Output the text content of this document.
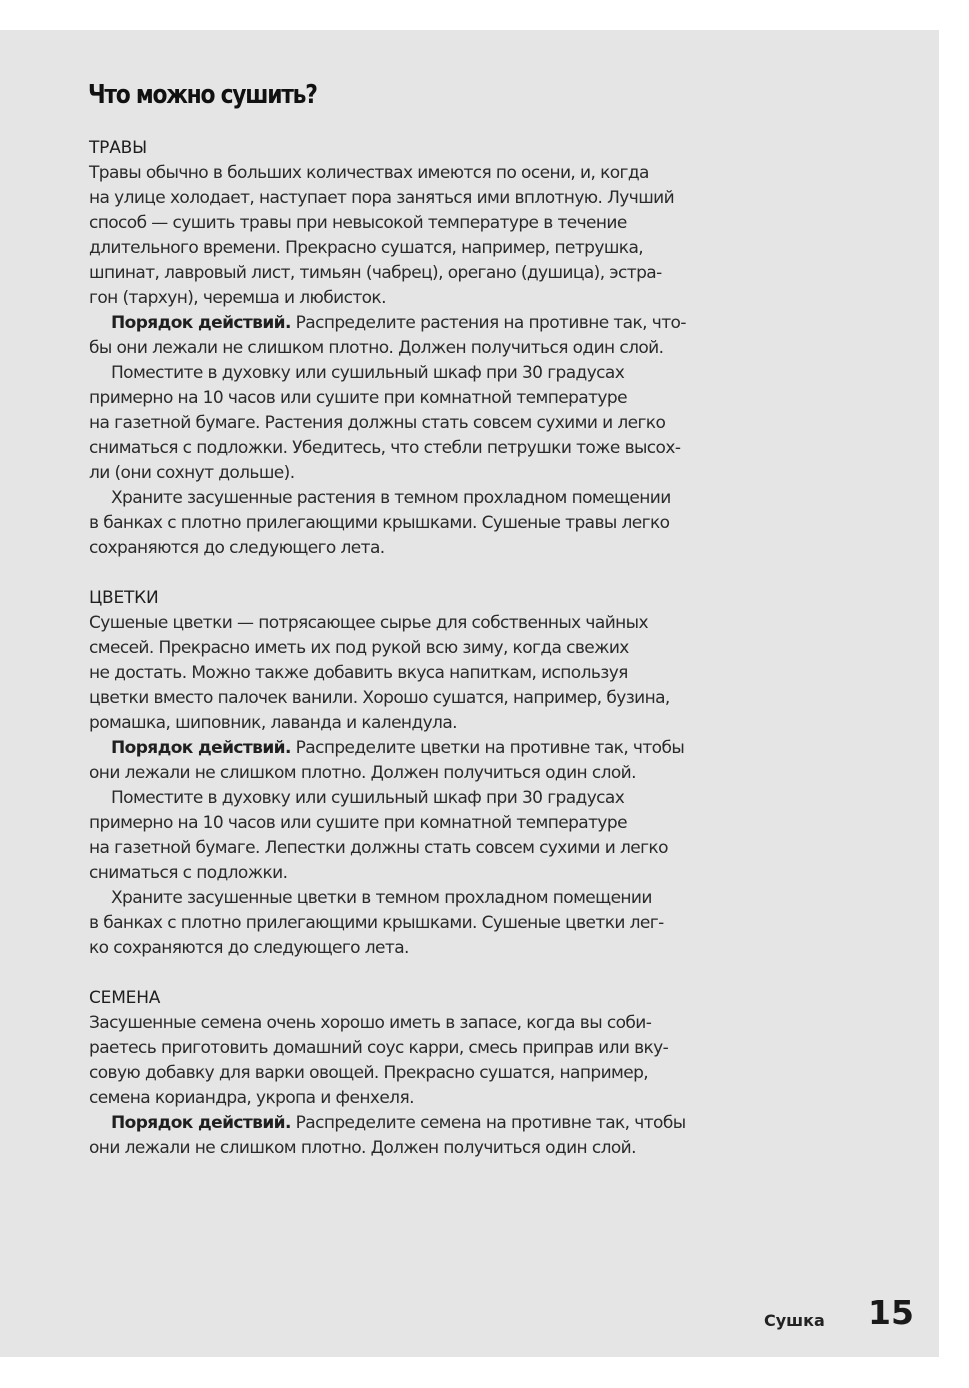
Что можно сушить?
ТРАВЫ
Травы обычно в больших количествах имеются по осени, и, когда
на улице холодает, наступает пора заняться ими вплотную. Лучший
способ — сушить травы при невысокой температуре в течение
длительного времени. Прекрасно сушатся, например, петрушка,
шпинат, лавровый лист, тимьян (чабрец), орегано (душица), эстра-
гон (тархун), черемша и любисток.
Порядок действий. Распределите растения на противне так, что-
бы они лежали не слишком плотно. Должен получиться один слой.
Поместите в духовку или сушильный шкаф при 30 градусах
примерно на 10 часов или сушите при комнатной температуре
на газетной бумаге. Растения должны стать совсем сухими и легко
сниматься с подложки. Убедитесь, что стебли петрушки тоже высох-
ли (они сохнут дольше).
Храните засушенные растения в темном прохладном помещении
в банках с плотно прилегающими крышками. Сушеные травы легко
сохраняются до следующего лета.
ЦВЕТКИ
Сушеные цветки — потрясающее сырье для собственных чайных
смесей. Прекрасно иметь их под рукой всю зиму, когда свежих
не достать. Можно также добавить вкуса напиткам, используя
цветки вместо палочек ванили. Хорошо сушатся, например, бузина,
ромашка, шиповник, лаванда и календула.
Порядок действий. Распределите цветки на противне так, чтобы
они лежали не слишком плотно. Должен получиться один слой.
Поместите в духовку или сушильный шкаф при 30 градусах
примерно на 10 часов или сушите при комнатной температуре
на газетной бумаге. Лепестки должны стать совсем сухими и легко
сниматься с подложки.
Храните засушенные цветки в темном прохладном помещении
в банках с плотно прилегающими крышками. Сушеные цветки лег-
ко сохраняются до следующего лета.
СЕМЕНА
Засушенные семена очень хорошо иметь в запасе, когда вы соби-
раетесь приготовить домашний соус карри, смесь приправ или вку-
совую добавку для варки овощей. Прекрасно сушатся, например,
семена кориандра, укропа и фенхеля.
Порядок действий. Распределите семена на противне так, чтобы
они лежали не слишком плотно. Должен получиться один слой.
Сушка 15
